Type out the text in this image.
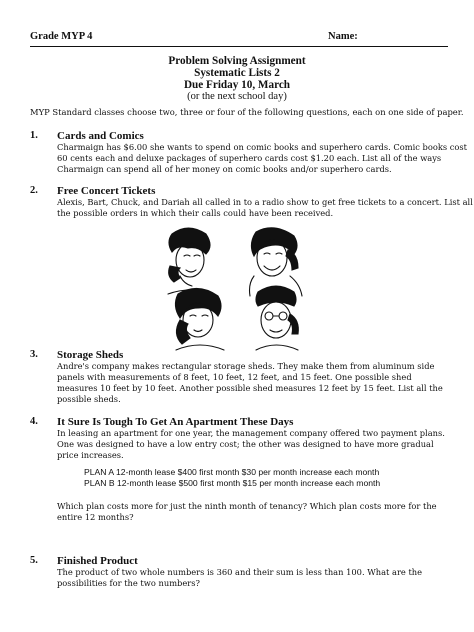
Grade MYP 4	Name:
Problem Solving Assignment
Systematic Lists 2
Due Friday 10, March
(or the next school day)
MYP Standard classes choose two, three or four of the following questions, each on one side of paper.
1. Cards and Comics
Charmaign has $6.00 she wants to spend on comic books and superhero cards. Comic books cost
60 cents each and deluxe packages of superhero cards cost $1.20 each. List all of the ways
Charmaign can spend all of her money on comic books and/or superhero cards.
2. Free Concert Tickets
Alexis, Bart, Chuck, and Dariah all called in to a radio show to get free tickets to a concert. List all
the possible orders in which their calls could have been received.
3. Storage Sheds
Andre's company makes rectangular storage sheds. They make them from aluminum side
panels with measurements of 8 feet, 10 feet, 12 feet, and 15 feet. One possible shed
measures 10 feet by 10 feet. Another possible shed measures 12 feet by 15 feet. List all the
possible sheds.
4. It Sure Is Tough To Get An Apartment These Days
In leasing an apartment for one year, the management company offered two payment plans.
One was designed to have a low entry cost; the other was designed to have more gradual
price increases.
PLAN A 12-month lease $400 first month $30 per month increase each month
PLAN B 12-month lease $500 first month $15 per month increase each month
Which plan costs more for just the ninth month of tenancy? Which plan costs more for the
entire 12 months?
5. Finished Product
The product of two whole numbers is 360 and their sum is less than 100. What are the
possibilities for the two numbers?
